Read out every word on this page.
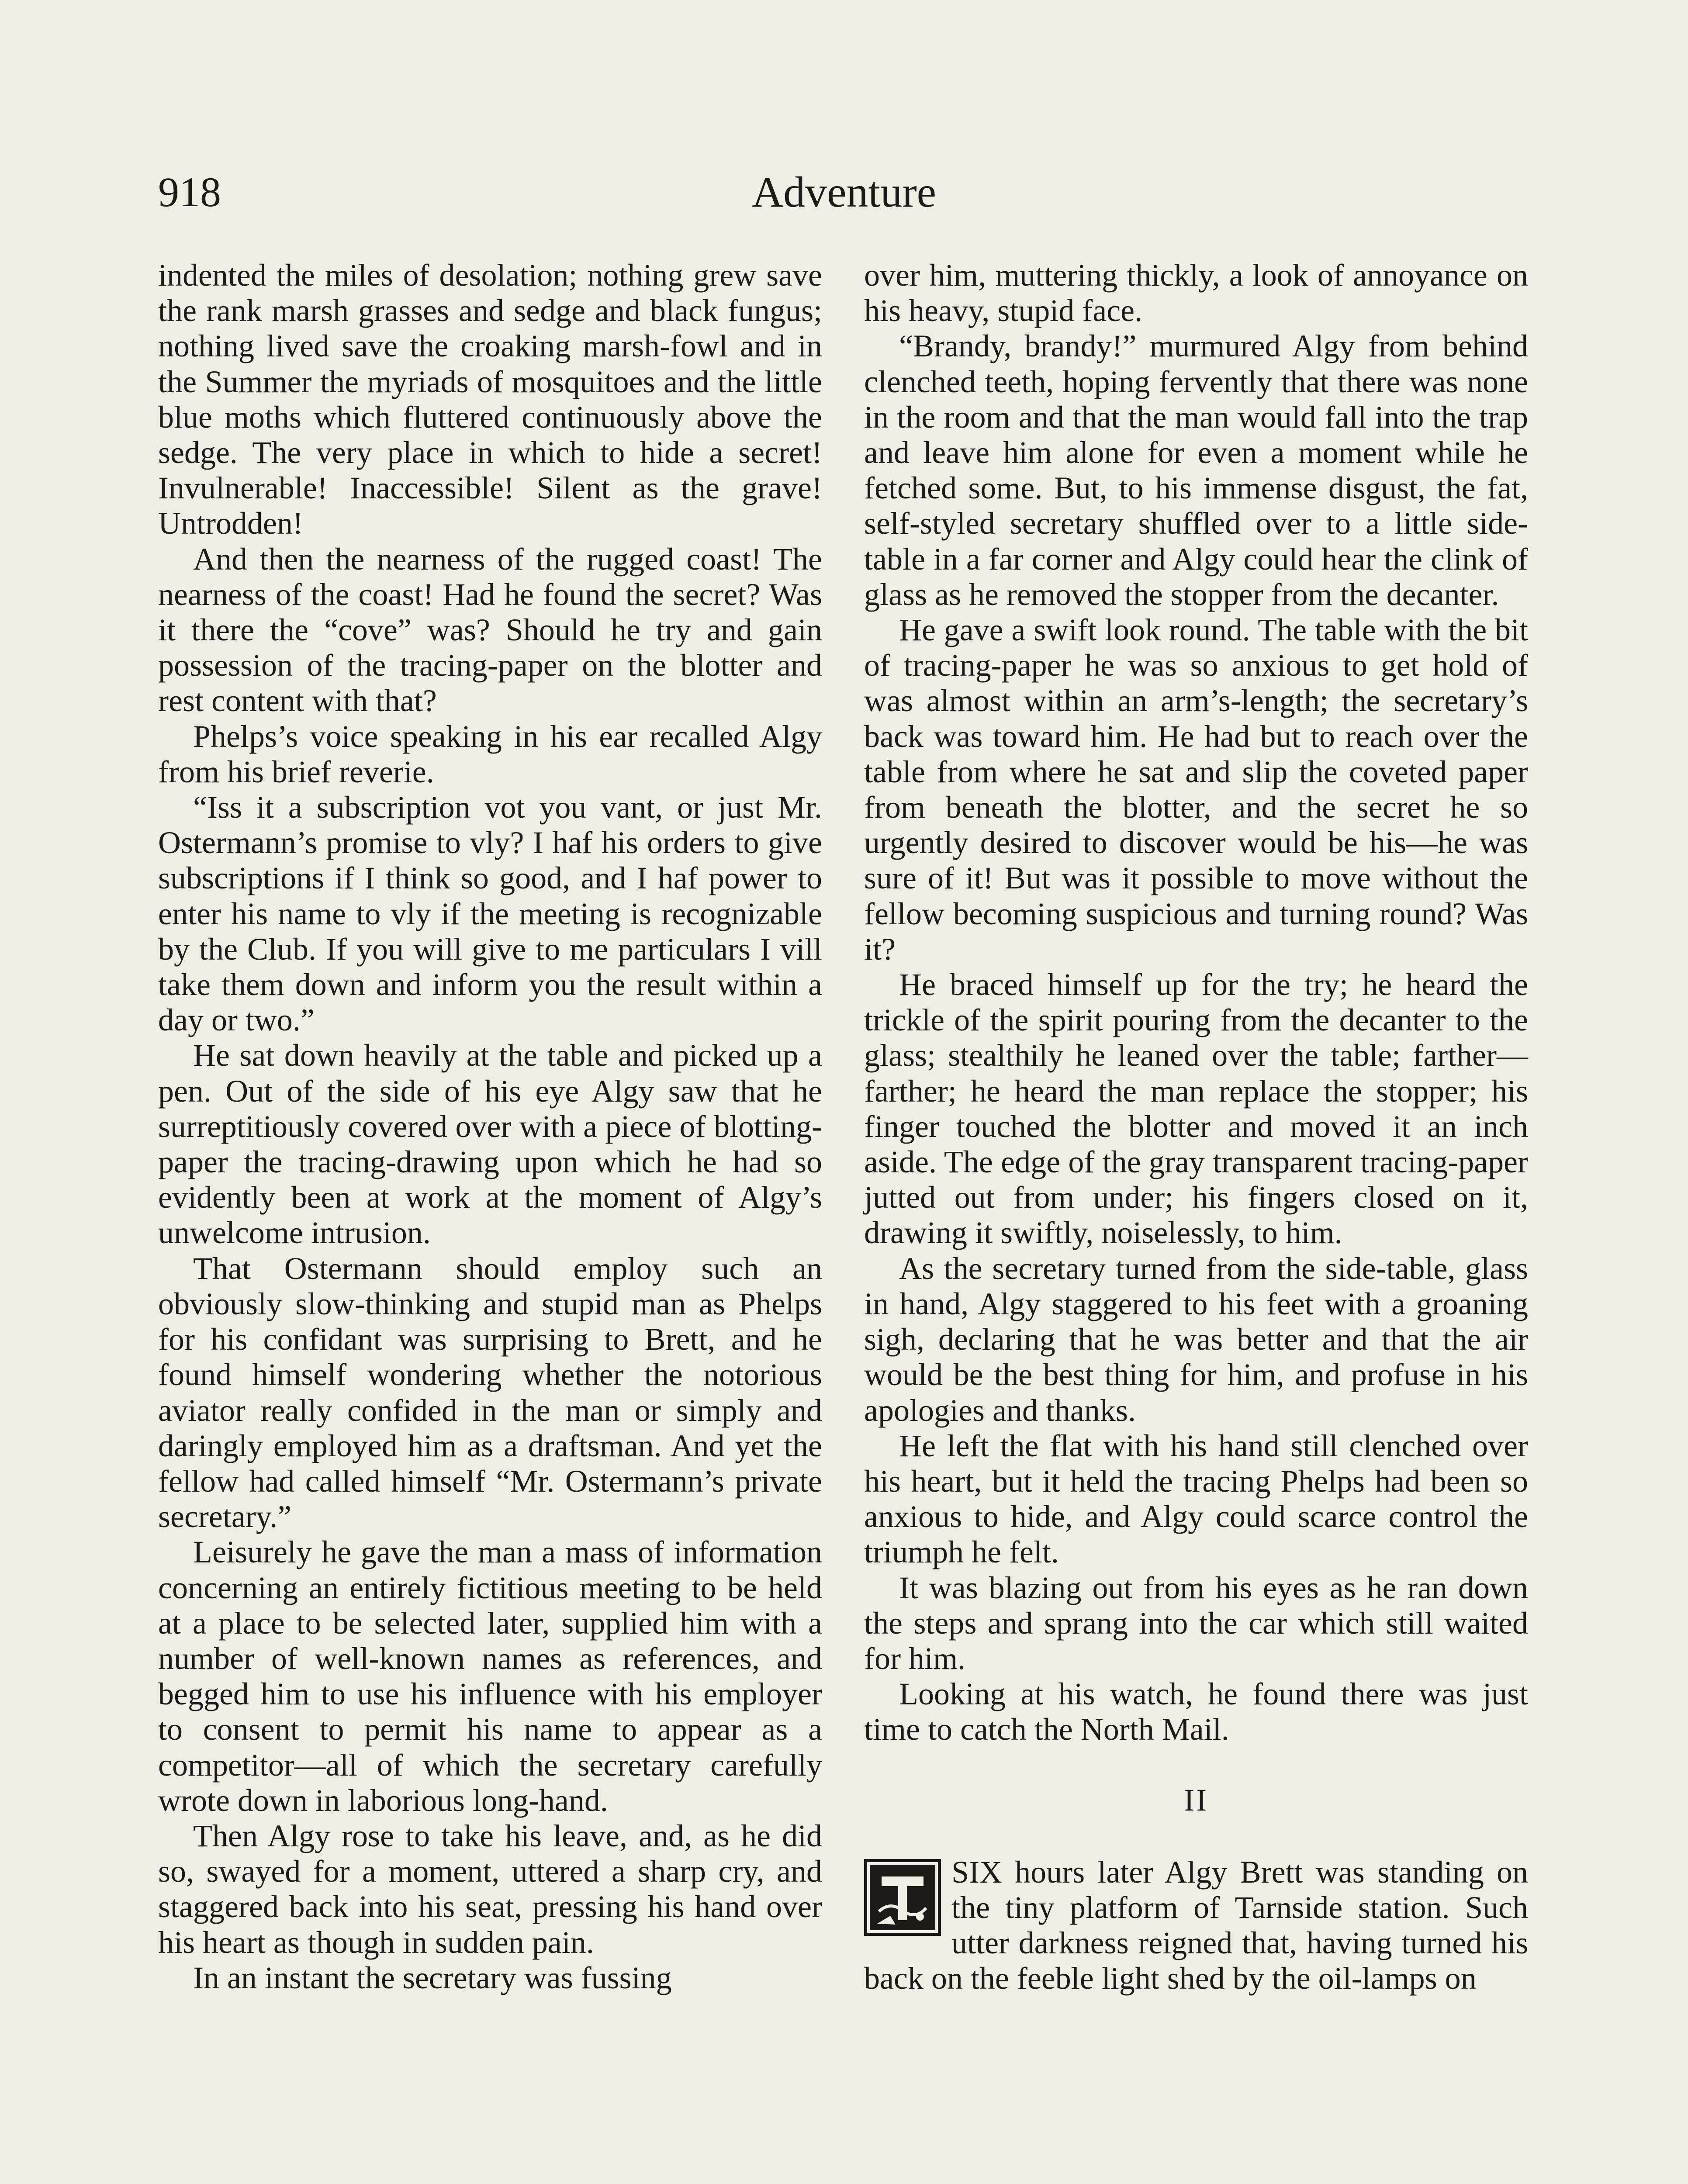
918	Adventure

indented the miles of desolation; nothing grew save the rank marsh grasses and sedge and black fungus; nothing lived save the croaking marsh-fowl and in the Summer the myriads of mosquitoes and the little blue moths which fluttered continuously above the sedge. The very place in which to hide a secret! Invulnerable! Inaccessible! Silent as the grave! Untrodden!

And then the nearness of the rugged coast! The nearness of the coast! Had he found the secret? Was it there the “cove” was? Should he try and gain possession of the tracing-paper on the blotter and rest content with that?

Phelps’s voice speaking in his ear recalled Algy from his brief reverie.

“Iss it a subscription vot you vant, or just Mr. Ostermann’s promise to vly? I haf his orders to give subscriptions if I think so good, and I haf power to enter his name to vly if the meeting is recognizable by the Club. If you will give to me particulars I vill take them down and inform you the result within a day or two.”

He sat down heavily at the table and picked up a pen. Out of the side of his eye Algy saw that he surreptitiously covered over with a piece of blotting-paper the tracing-drawing upon which he had so evidently been at work at the moment of Algy’s unwelcome intrusion.

That Ostermann should employ such an obviously slow-thinking and stupid man as Phelps for his confidant was surprising to Brett, and he found himself wondering whether the notorious aviator really confided in the man or simply and daringly employed him as a draftsman. And yet the fellow had called himself “Mr. Ostermann’s private secretary.”

Leisurely he gave the man a mass of information concerning an entirely fictitious meeting to be held at a place to be selected later, supplied him with a number of well-known names as references, and begged him to use his influence with his employer to consent to permit his name to appear as a competitor—all of which the secretary carefully wrote down in laborious long-hand.

Then Algy rose to take his leave, and, as he did so, swayed for a moment, uttered a sharp cry, and staggered back into his seat, pressing his hand over his heart as though in sudden pain.

In an instant the secretary was fussing

over him, muttering thickly, a look of annoyance on his heavy, stupid face.

“Brandy, brandy!” murmured Algy from behind clenched teeth, hoping fervently that there was none in the room and that the man would fall into the trap and leave him alone for even a moment while he fetched some. But, to his immense disgust, the fat, self-styled secretary shuffled over to a little side-table in a far corner and Algy could hear the clink of glass as he removed the stopper from the decanter.

He gave a swift look round. The table with the bit of tracing-paper he was so anxious to get hold of was almost within an arm’s-length; the secretary’s back was toward him. He had but to reach over the table from where he sat and slip the coveted paper from beneath the blotter, and the secret he so urgently desired to discover would be his—he was sure of it! But was it possible to move without the fellow becoming suspicious and turning round? Was it?

He braced himself up for the try; he heard the trickle of the spirit pouring from the decanter to the glass; stealthily he leaned over the table; farther—farther; he heard the man replace the stopper; his finger touched the blotter and moved it an inch aside. The edge of the gray transparent tracing-paper jutted out from under; his fingers closed on it, drawing it swiftly, noiselessly, to him.

As the secretary turned from the side-table, glass in hand, Algy staggered to his feet with a groaning sigh, declaring that he was better and that the air would be the best thing for him, and profuse in his apologies and thanks.

He left the flat with his hand still clenched over his heart, but it held the tracing Phelps had been so anxious to hide, and Algy could scarce control the triumph he felt.

It was blazing out from his eyes as he ran down the steps and sprang into the car which still waited for him.

Looking at his watch, he found there was just time to catch the North Mail.

II

SIX hours later Algy Brett was standing on the tiny platform of Tarnside station. Such utter darkness reigned that, having turned his back on the feeble light shed by the oil-lamps on
